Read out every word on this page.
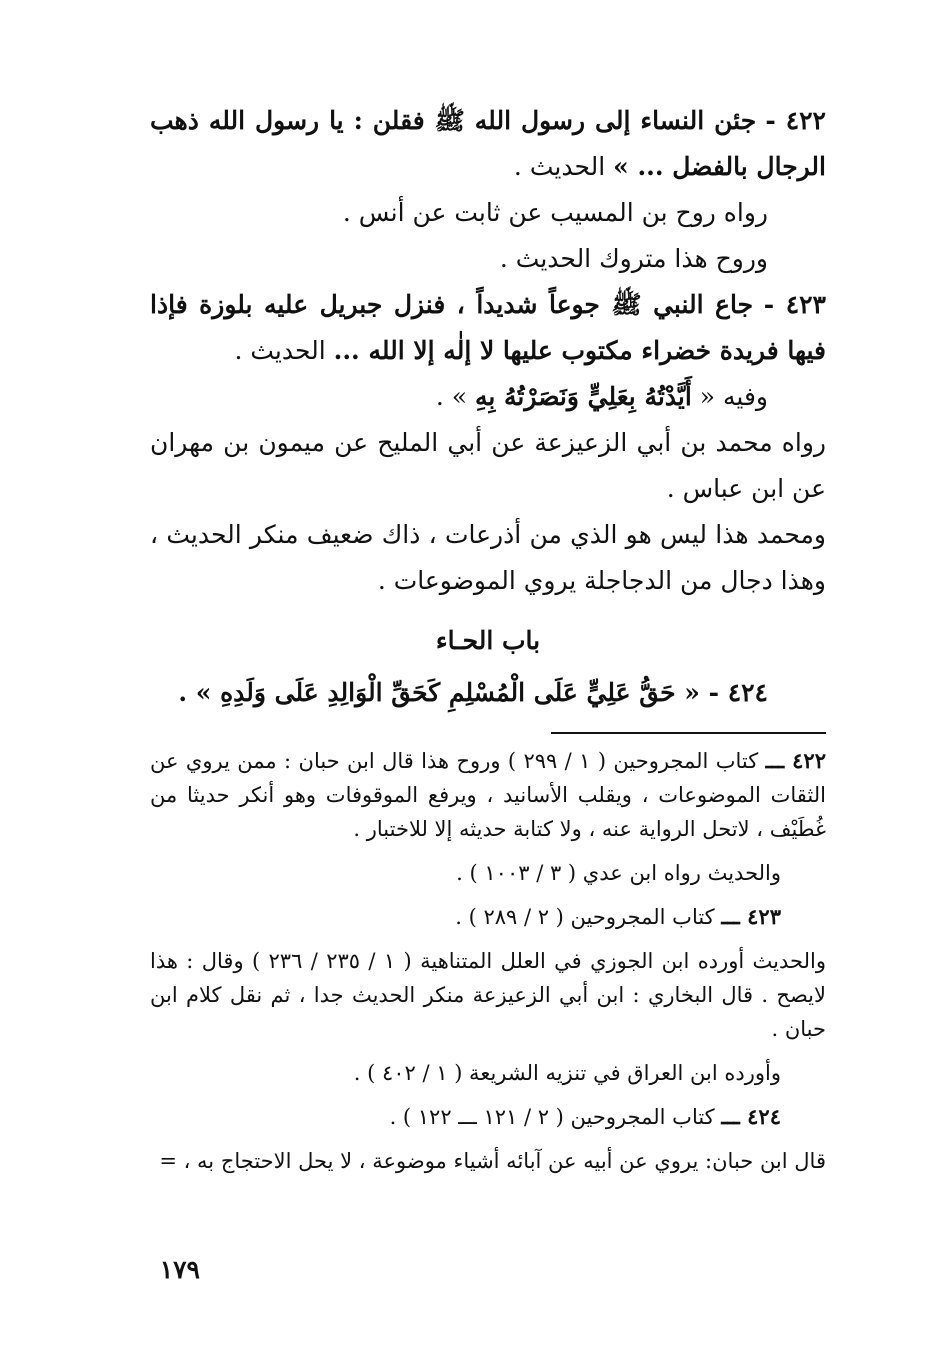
٤٢٢ - جئن النساء إلى رسول الله ﷺ فقلن : يا رسول الله ذهب الرجال بالفضل ... » الحديث .

رواه روح بن المسيب عن ثابت عن أنس .

وروح هذا متروك الحديث .

٤٢٣ - جاع النبي ﷺ جوعاً شديداً ، فنزل جبريل عليه بلوزة فإذا فيها فريدة خضراء مكتوب عليها لا إلٰه إلا الله ... الحديث .

وفيه « أَيَّدْتُهُ بِعَلِيٍّ وَنَصَرْتُهُ بِهِ » .

رواه محمد بن أبي الزعيزعة عن أبي المليح عن ميمون بن مهران عن ابن عباس .

ومحمد هذا ليس هو الذي من أذرعات ، ذاك ضعيف منكر الحديث ، وهذا دجال من الدجاجلة يروي الموضوعات .

باب الحـاء

٤٢٤ - « حَقُّ عَلِيٍّ عَلَى الْمُسْلِمِ كَحَقِّ الْوَالِدِ عَلَى وَلَدِهِ » .

٤٢٢ ـــ كتاب المجروحين ( ١ / ٢٩٩ ) وروح هذا قال ابن حبان : ممن يروي عن الثقات الموضوعات ، ويقلب الأسانيد ، ويرفع الموقوفات وهو أنكر حديثا من غُطَيْف ، لاتحل الرواية عنه ، ولا كتابة حديثه إلا للاختبار .

والحديث رواه ابن عدي ( ٣ / ١٠٠٣ ) .

٤٢٣ ـــ كتاب المجروحين ( ٢ / ٢٨٩ ) .

والحديث أورده ابن الجوزي في العلل المتناهية ( ١ / ٢٣٥ / ٢٣٦ ) وقال : هذا لايصح . قال البخاري : ابن أبي الزعيزعة منكر الحديث جدا ، ثم نقل كلام ابن حبان .

وأورده ابن العراق في تنزيه الشريعة ( ١ / ٤٠٢ ) .

٤٢٤ ـــ كتاب المجروحين ( ٢ / ١٢١ ـــ ١٢٢ ) .

قال ابن حبان: يروي عن أبيه عن آبائه أشياء موضوعة ، لا يحل الاحتجاج به ، =

١٧٩
